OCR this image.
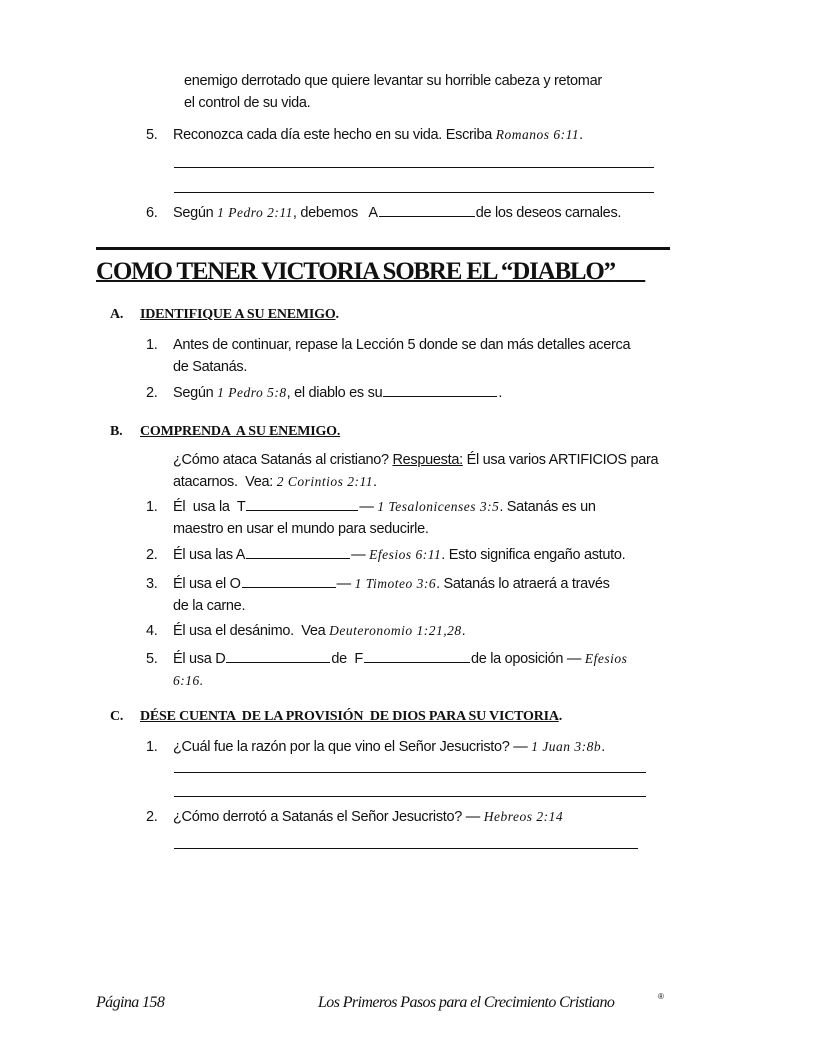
enemigo derrotado que quiere levantar su horrible cabeza y retomar
el control de su vida.
5. Reconozca cada día este hecho en su vida. Escriba Romanos 6:11.
6. Según 1 Pedro 2:11, debemos   A	de los deseos carnales.
COMO TENER VICTORIA SOBRE EL “DIABLO”
A. IDENTIFIQUE A SU ENEMIGO.
1. Antes de continuar, repase la Lección 5 donde se dan más detalles acerca
de Satanás.
2. Según 1 Pedro 5:8, el diablo es su	.
B. COMPRENDA  A SU ENEMIGO.
¿Cómo ataca Satanás al cristiano? Respuesta: Él usa varios ARTIFICIOS para
atacarnos.  Vea: 2 Corintios 2:11.
1. Él  usa la  T	— 1 Tesalonicenses 3:5. Satanás es un
maestro en usar el mundo para seducirle.
2. Él usa las A	— Efesios 6:11. Esto significa engaño astuto.
3. Él usa el O	— 1 Timoteo 3:6. Satanás lo atraerá a través
de la carne.
4. Él usa el desánimo.  Vea Deuteronomio 1:21,28.
5. Él usa D	de  F	de la oposición — Efesios
6:16.
C. DÉSE CUENTA  DE LA PROVISIÓN  DE DIOS PARA SU VICTORIA.
1. ¿Cuál fue la razón por la que vino el Señor Jesucristo? — 1 Juan 3:8b.
2. ¿Cómo derrotó a Satanás el Señor Jesucristo? — Hebreos 2:14
Página 158	Los Primeros Pasos para el Crecimiento Cristiano	®
